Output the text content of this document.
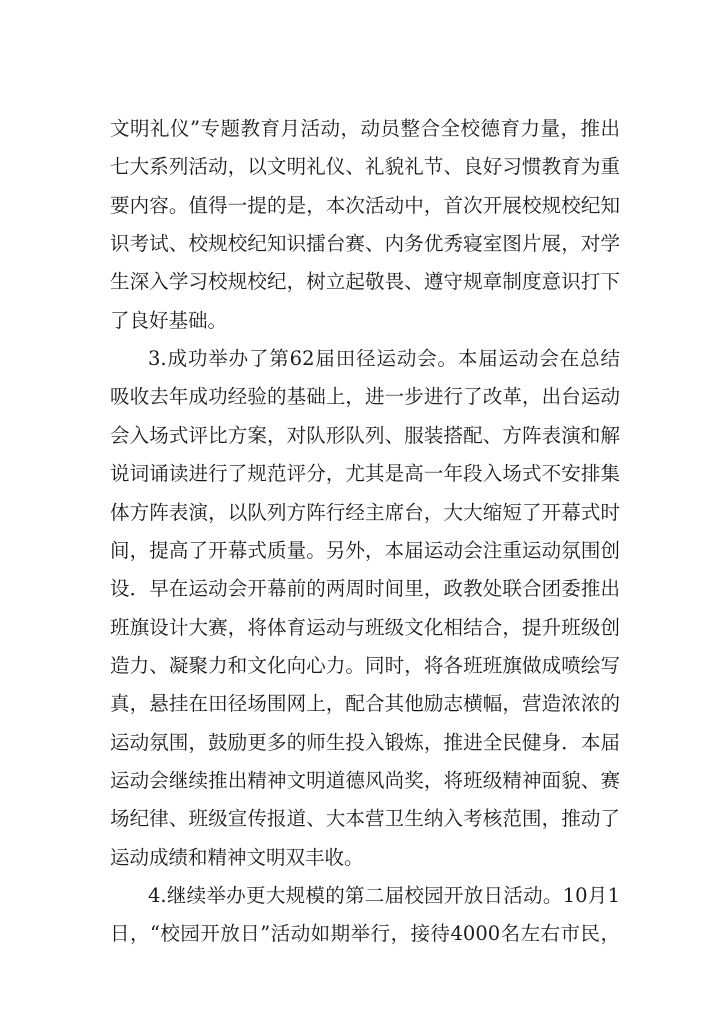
文明礼仪”专题教育月活动，动员整合全校德育力量，推出
七大系列活动，以文明礼仪、礼貌礼节、良好习惯教育为重
要内容。值得一提的是，本次活动中，首次开展校规校纪知
识考试、校规校纪知识擂台赛、内务优秀寝室图片展，对学
生深入学习校规校纪，树立起敬畏、遵守规章制度意识打下
了良好基础。
3.成功举办了第62届田径运动会。本届运动会在总结
吸收去年成功经验的基础上，进一步进行了改革，出台运动
会入场式评比方案，对队形队列、服装搭配、方阵表演和解
说词诵读进行了规范评分，尤其是高一年段入场式不安排集
体方阵表演，以队列方阵行经主席台，大大缩短了开幕式时
间，提高了开幕式质量。另外，本届运动会注重运动氛围创
设．早在运动会开幕前的两周时间里，政教处联合团委推出
班旗设计大赛，将体育运动与班级文化相结合，提升班级创
造力、凝聚力和文化向心力。同时，将各班班旗做成喷绘写
真，悬挂在田径场围网上，配合其他励志横幅，营造浓浓的
运动氛围，鼓励更多的师生投入锻炼，推进全民健身．本届
运动会继续推出精神文明道德风尚奖，将班级精神面貌、赛
场纪律、班级宣传报道、大本营卫生纳入考核范围，推动了
运动成绩和精神文明双丰收。
4.继续举办更大规模的第二届校园开放日活动。10月1
日，“校园开放日”活动如期举行，接待4000名左右市民，
